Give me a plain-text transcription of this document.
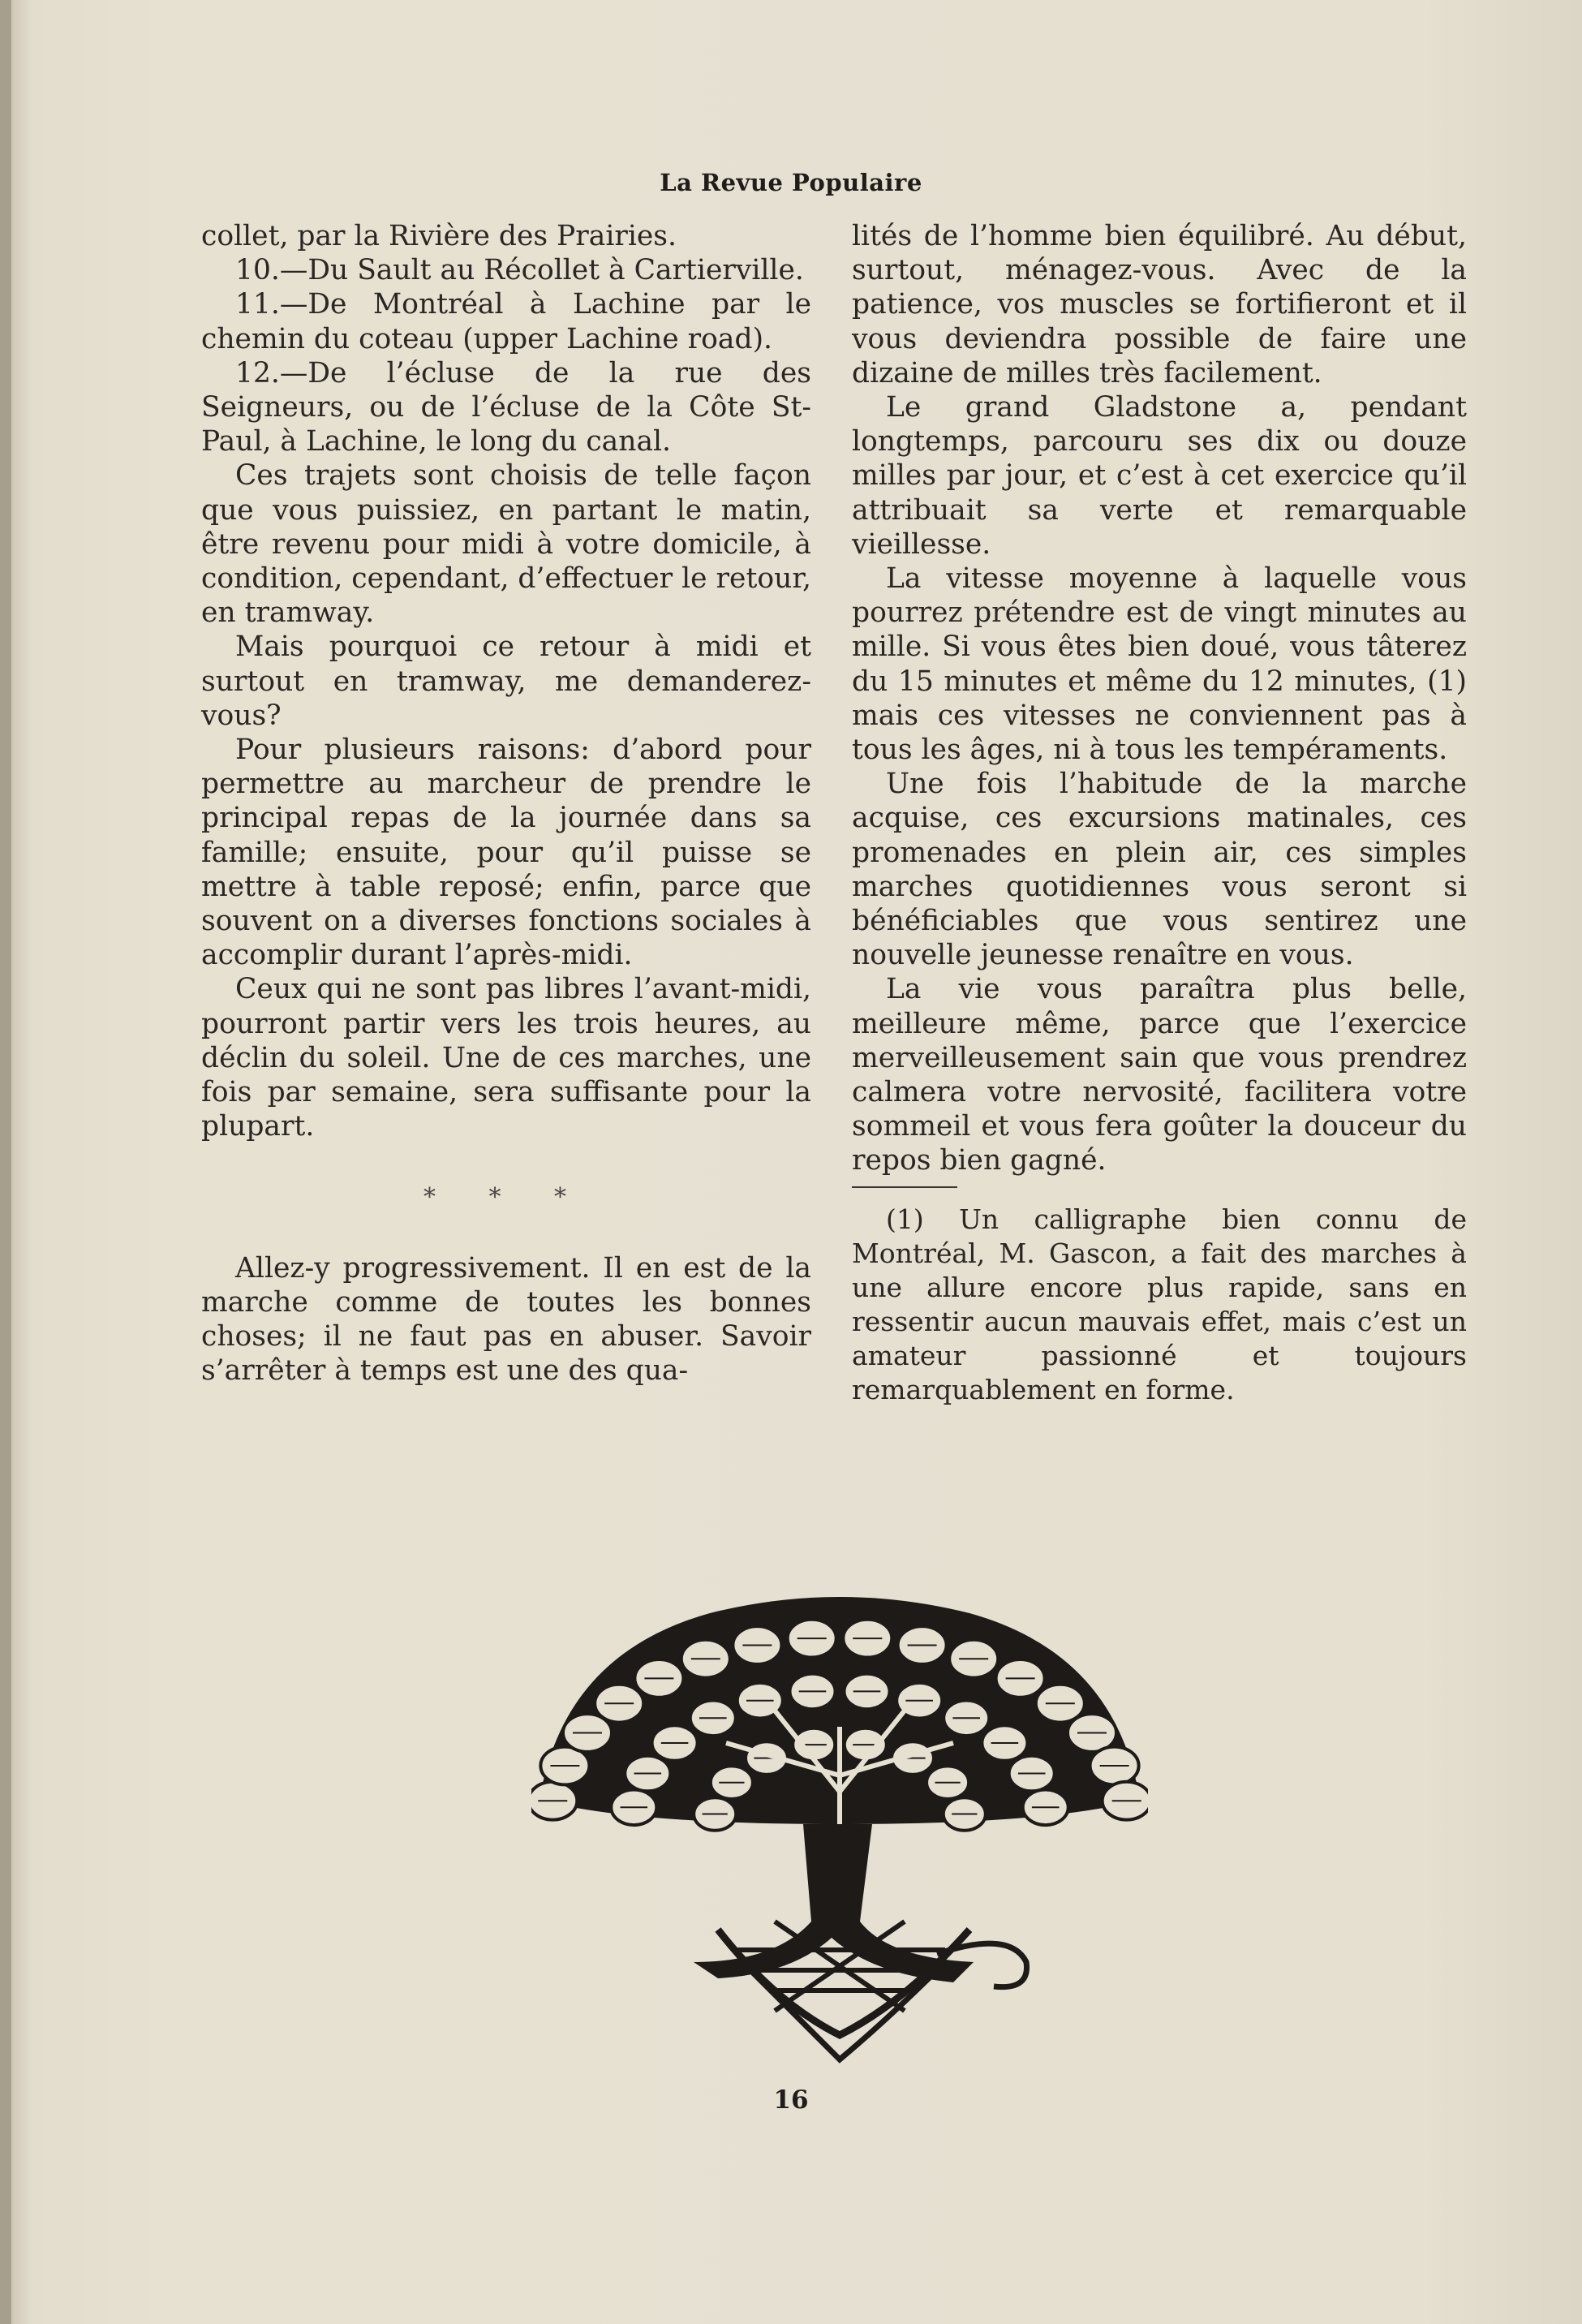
La Revue Populaire

collet, par la Rivière des Prairies.

10.—Du Sault au Récollet à Cartierville.

11.—De Montréal à Lachine par le chemin du coteau (upper Lachine road).

12.—De l’écluse de la rue des Seigneurs, ou de l’écluse de la Côte St-Paul, à Lachine, le long du canal.

Ces trajets sont choisis de telle façon que vous puissiez, en partant le matin, être revenu pour midi à votre domicile, à condition, cependant, d’effectuer le retour, en tramway.

Mais pourquoi ce retour à midi et surtout en tramway, me demanderez-vous?

Pour plusieurs raisons: d’abord pour permettre au marcheur de prendre le principal repas de la journée dans sa famille; ensuite, pour qu’il puisse se mettre à table reposé; enfin, parce que souvent on a diverses fonctions sociales à accomplir durant l’après-midi.

Ceux qui ne sont pas libres l’avant-midi, pourront partir vers les trois heures, au déclin du soleil. Une de ces marches, une fois par semaine, sera suffisante pour la plupart.

* * *

Allez-y progressivement. Il en est de la marche comme de toutes les bonnes choses; il ne faut pas en abuser. Savoir s’arrêter à temps est une des qua-

lités de l’homme bien équilibré. Au début, surtout, ménagez-vous. Avec de la patience, vos muscles se fortifieront et il vous deviendra possible de faire une dizaine de milles très facilement.

Le grand Gladstone a, pendant longtemps, parcouru ses dix ou douze milles par jour, et c’est à cet exercice qu’il attribuait sa verte et remarquable vieillesse.

La vitesse moyenne à laquelle vous pourrez prétendre est de vingt minutes au mille. Si vous êtes bien doué, vous tâterez du 15 minutes et même du 12 minutes, (1) mais ces vitesses ne conviennent pas à tous les âges, ni à tous les tempéraments.

Une fois l’habitude de la marche acquise, ces excursions matinales, ces promenades en plein air, ces simples marches quotidiennes vous seront si bénéficiables que vous sentirez une nouvelle jeunesse renaître en vous.

La vie vous paraîtra plus belle, meilleure même, parce que l’exercice merveilleusement sain que vous prendrez calmera votre nervosité, facilitera votre sommeil et vous fera goûter la douceur du repos bien gagné.

(1) Un calligraphe bien connu de Montréal, M. Gascon, a fait des marches à une allure encore plus rapide, sans en ressentir aucun mauvais effet, mais c’est un amateur passionné et toujours remarquablement en forme.

16
